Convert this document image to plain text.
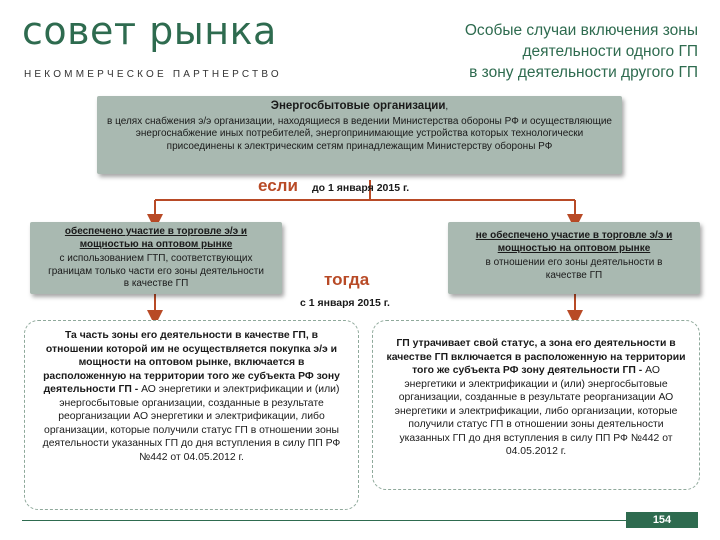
совет рынка
НЕКОММЕРЧЕСКОЕ ПАРТНЕРСТВО
Особые случаи включения зоны
деятельности одного ГП
в зону деятельности другого ГП
Энергосбытовые организации,
в целях снабжения э/э организации, находящиеся в ведении Министерства обороны РФ и осуществляющие энергоснабжение иных потребителей, энергопринимающие устройства которых технологически присоединены к электрическим сетям принадлежащим Министерству обороны РФ
если до 1 января 2015 г.
обеспечено участие в торговле э/э и мощностью на оптовом рынке
с использованием ГТП, соответствующих границам только части его зоны деятельности в качестве ГП
не обеспечено участие в торговле э/э и мощностью на оптовом рынке
в отношении его зоны деятельности в качестве ГП
тогда
с 1 января 2015 г.
Та часть зоны его деятельности в качестве ГП, в отношении которой им не осуществляется покупка э/э и мощности на оптовом рынке, включается в расположенную на территории того же субъекта РФ зону деятельности ГП - АО энергетики и электрификации и (или) энергосбытовые организации, созданные в результате реорганизации АО энергетики и электрификации, либо организации, которые получили статус ГП в отношении зоны деятельности указанных ГП до дня вступления в силу ПП РФ №442 от 04.05.2012 г.
ГП утрачивает свой статус, а зона его деятельности в качестве ГП включается в расположенную на территории того же субъекта РФ зону деятельности ГП - АО энергетики и электрификации и (или) энергосбытовые организации, созданные в результате реорганизации АО энергетики и электрификации, либо организации, которые получили статус ГП в отношении зоны деятельности указанных ГП до дня вступления в силу ПП РФ №442 от 04.05.2012 г.
154
